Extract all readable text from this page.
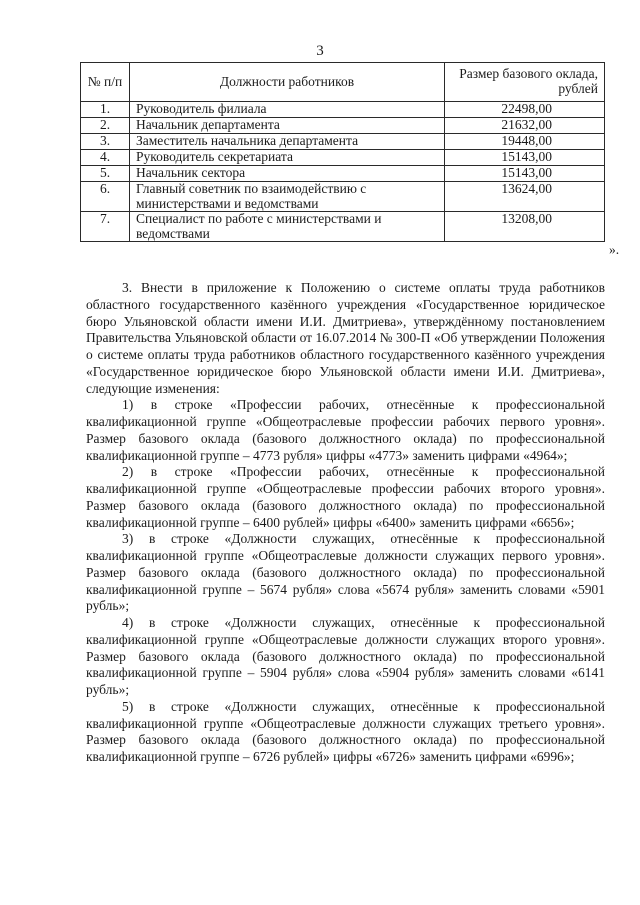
3
№ п/п	Должности работников	Размер базового оклада, рублей
1.	Руководитель филиала	22498,00
2.	Начальник департамента	21632,00
3.	Заместитель начальника департамента	19448,00
4.	Руководитель секретариата	15143,00
5.	Начальник сектора	15143,00
6.	Главный советник по взаимодействию с министерствами и ведомствами	13624,00
7.	Специалист по работе с министерствами и ведомствами	13208,00
».

3. Внести в приложение к Положению о системе оплаты труда работников областного государственного казённого учреждения «Государственное юридическое бюро Ульяновской области имени И.И. Дмитриева», утверждённому постановлением Правительства Ульяновской области от 16.07.2014 № 300-П «Об утверждении Положения о системе оплаты труда работников областного государственного казённого учреждения «Государственное юридическое бюро Ульяновской области имени И.И. Дмитриева», следующие изменения:

1) в строке «Профессии рабочих, отнесённые к профессиональной квалификационной группе «Общеотраслевые профессии рабочих первого уровня». Размер базового оклада (базового должностного оклада) по профессиональной квалификационной группе – 4773 рубля» цифры «4773» заменить цифрами «4964»;

2) в строке «Профессии рабочих, отнесённые к профессиональной квалификационной группе «Общеотраслевые профессии рабочих второго уровня». Размер базового оклада (базового должностного оклада) по профессиональной квалификационной группе – 6400 рублей» цифры «6400» заменить цифрами «6656»;

3) в строке «Должности служащих, отнесённые к профессиональной квалификационной группе «Общеотраслевые должности служащих первого уровня». Размер базового оклада (базового должностного оклада) по профессиональной квалификационной группе – 5674 рубля» слова «5674 рубля» заменить словами «5901 рубль»;

4) в строке «Должности служащих, отнесённые к профессиональной квалификационной группе «Общеотраслевые должности служащих второго уровня». Размер базового оклада (базового должностного оклада) по профессиональной квалификационной группе – 5904 рубля» слова «5904 рубля» заменить словами «6141 рубль»;

5) в строке «Должности служащих, отнесённые к профессиональной квалификационной группе «Общеотраслевые должности служащих третьего уровня». Размер базового оклада (базового должностного оклада) по профессиональной квалификационной группе – 6726 рублей» цифры «6726» заменить цифрами «6996»;
